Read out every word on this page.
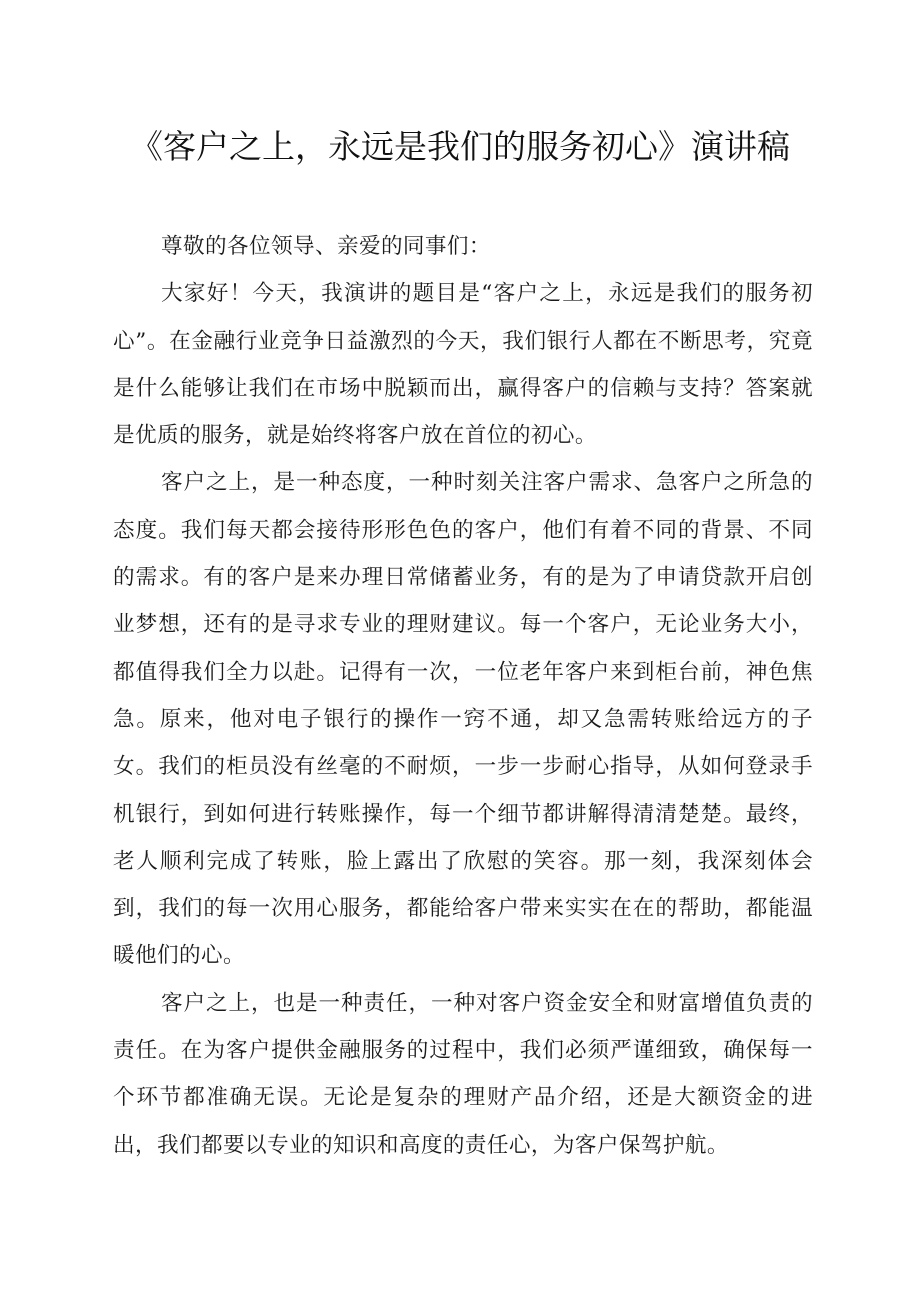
《客户之上，永远是我们的服务初心》演讲稿

尊敬的各位领导、亲爱的同事们：

大家好！今天，我演讲的题目是“客户之上，永远是我们的服务初心”。在金融行业竞争日益激烈的今天，我们银行人都在不断思考，究竟是什么能够让我们在市场中脱颖而出，赢得客户的信赖与支持？答案就是优质的服务，就是始终将客户放在首位的初心。

客户之上，是一种态度，一种时刻关注客户需求、急客户之所急的态度。我们每天都会接待形形色色的客户，他们有着不同的背景、不同的需求。有的客户是来办理日常储蓄业务，有的是为了申请贷款开启创业梦想，还有的是寻求专业的理财建议。每一个客户，无论业务大小，都值得我们全力以赴。记得有一次，一位老年客户来到柜台前，神色焦急。原来，他对电子银行的操作一窍不通，却又急需转账给远方的子女。我们的柜员没有丝毫的不耐烦，一步一步耐心指导，从如何登录手机银行，到如何进行转账操作，每一个细节都讲解得清清楚楚。最终，老人顺利完成了转账，脸上露出了欣慰的笑容。那一刻，我深刻体会到，我们的每一次用心服务，都能给客户带来实实在在的帮助，都能温暖他们的心。

客户之上，也是一种责任，一种对客户资金安全和财富增值负责的责任。在为客户提供金融服务的过程中，我们必须严谨细致，确保每一个环节都准确无误。无论是复杂的理财产品介绍，还是大额资金的进出，我们都要以专业的知识和高度的责任心，为客户保驾护航。
